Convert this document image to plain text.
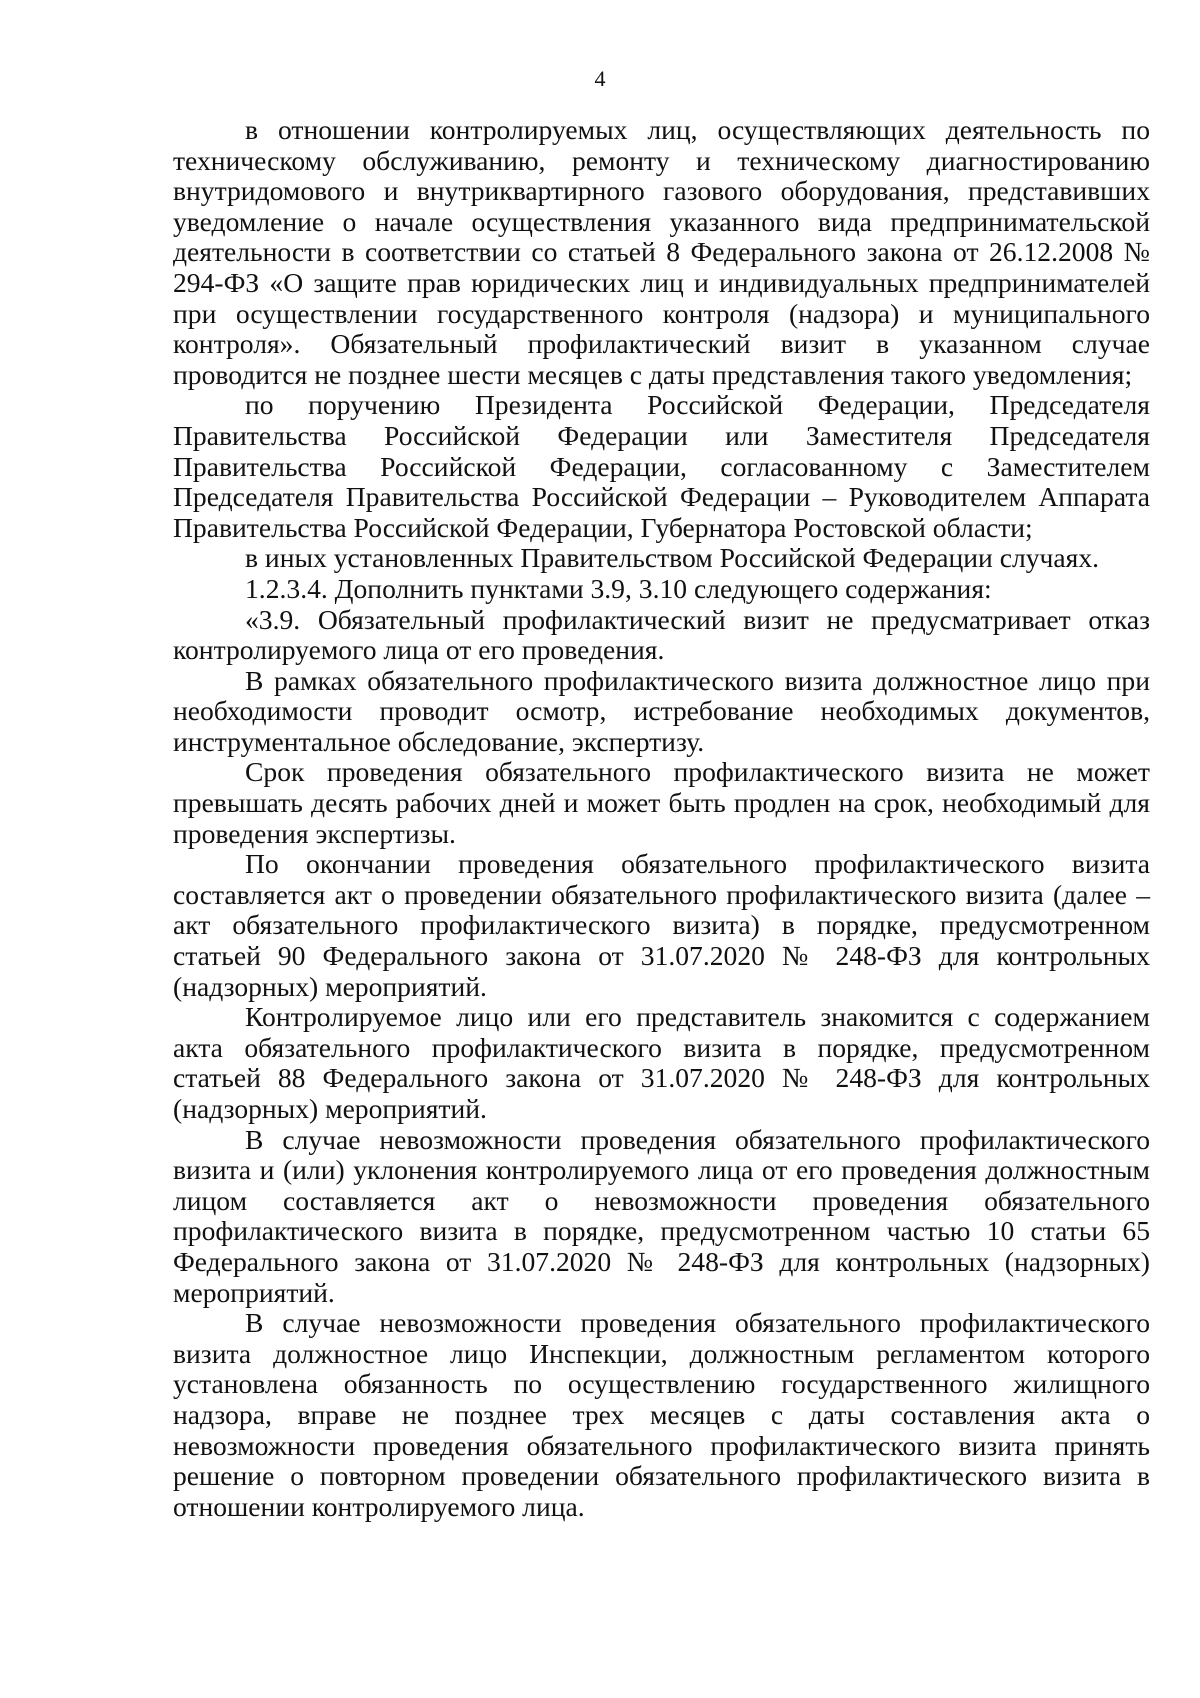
4

в отношении контролируемых лиц, осуществляющих деятельность по техническому обслуживанию, ремонту и техническому диагностированию внутридомового и внутриквартирного газового оборудования, представивших уведомление о начале осуществления указанного вида предпринимательской деятельности в соответствии со статьей 8 Федерального закона от 26.12.2008 № 294-ФЗ «О защите прав юридических лиц и индивидуальных предпринимателей при осуществлении государственного контроля (надзора) и муниципального контроля». Обязательный профилактический визит в указанном случае проводится не позднее шести месяцев с даты представления такого уведомления;

по поручению Президента Российской Федерации, Председателя Правительства Российской Федерации или Заместителя Председателя Правительства Российской Федерации, согласованному с Заместителем Председателя Правительства Российской Федерации – Руководителем Аппарата Правительства Российской Федерации, Губернатора Ростовской области;

в иных установленных Правительством Российской Федерации случаях.

1.2.3.4. Дополнить пунктами 3.9, 3.10 следующего содержания:

«3.9. Обязательный профилактический визит не предусматривает отказ контролируемого лица от его проведения.

В рамках обязательного профилактического визита должностное лицо при необходимости проводит осмотр, истребование необходимых документов, инструментальное обследование, экспертизу.

Срок проведения обязательного профилактического визита не может превышать десять рабочих дней и может быть продлен на срок, необходимый для проведения экспертизы.

По окончании проведения обязательного профилактического визита составляется акт о проведении обязательного профилактического визита (далее – акт обязательного профилактического визита) в порядке, предусмотренном статьей 90 Федерального закона от 31.07.2020 № 248-ФЗ для контрольных (надзорных) мероприятий.

Контролируемое лицо или его представитель знакомится с содержанием акта обязательного профилактического визита в порядке, предусмотренном статьей 88 Федерального закона от 31.07.2020 № 248-ФЗ для контрольных (надзорных) мероприятий.

В случае невозможности проведения обязательного профилактического визита и (или) уклонения контролируемого лица от его проведения должностным лицом составляется акт о невозможности проведения обязательного профилактического визита в порядке, предусмотренном частью 10 статьи 65 Федерального закона от 31.07.2020 № 248-ФЗ для контрольных (надзорных) мероприятий.

В случае невозможности проведения обязательного профилактического визита должностное лицо Инспекции, должностным регламентом которого установлена обязанность по осуществлению государственного жилищного надзора, вправе не позднее трех месяцев с даты составления акта о невозможности проведения обязательного профилактического визита принять решение о повторном проведении обязательного профилактического визита в отношении контролируемого лица.
